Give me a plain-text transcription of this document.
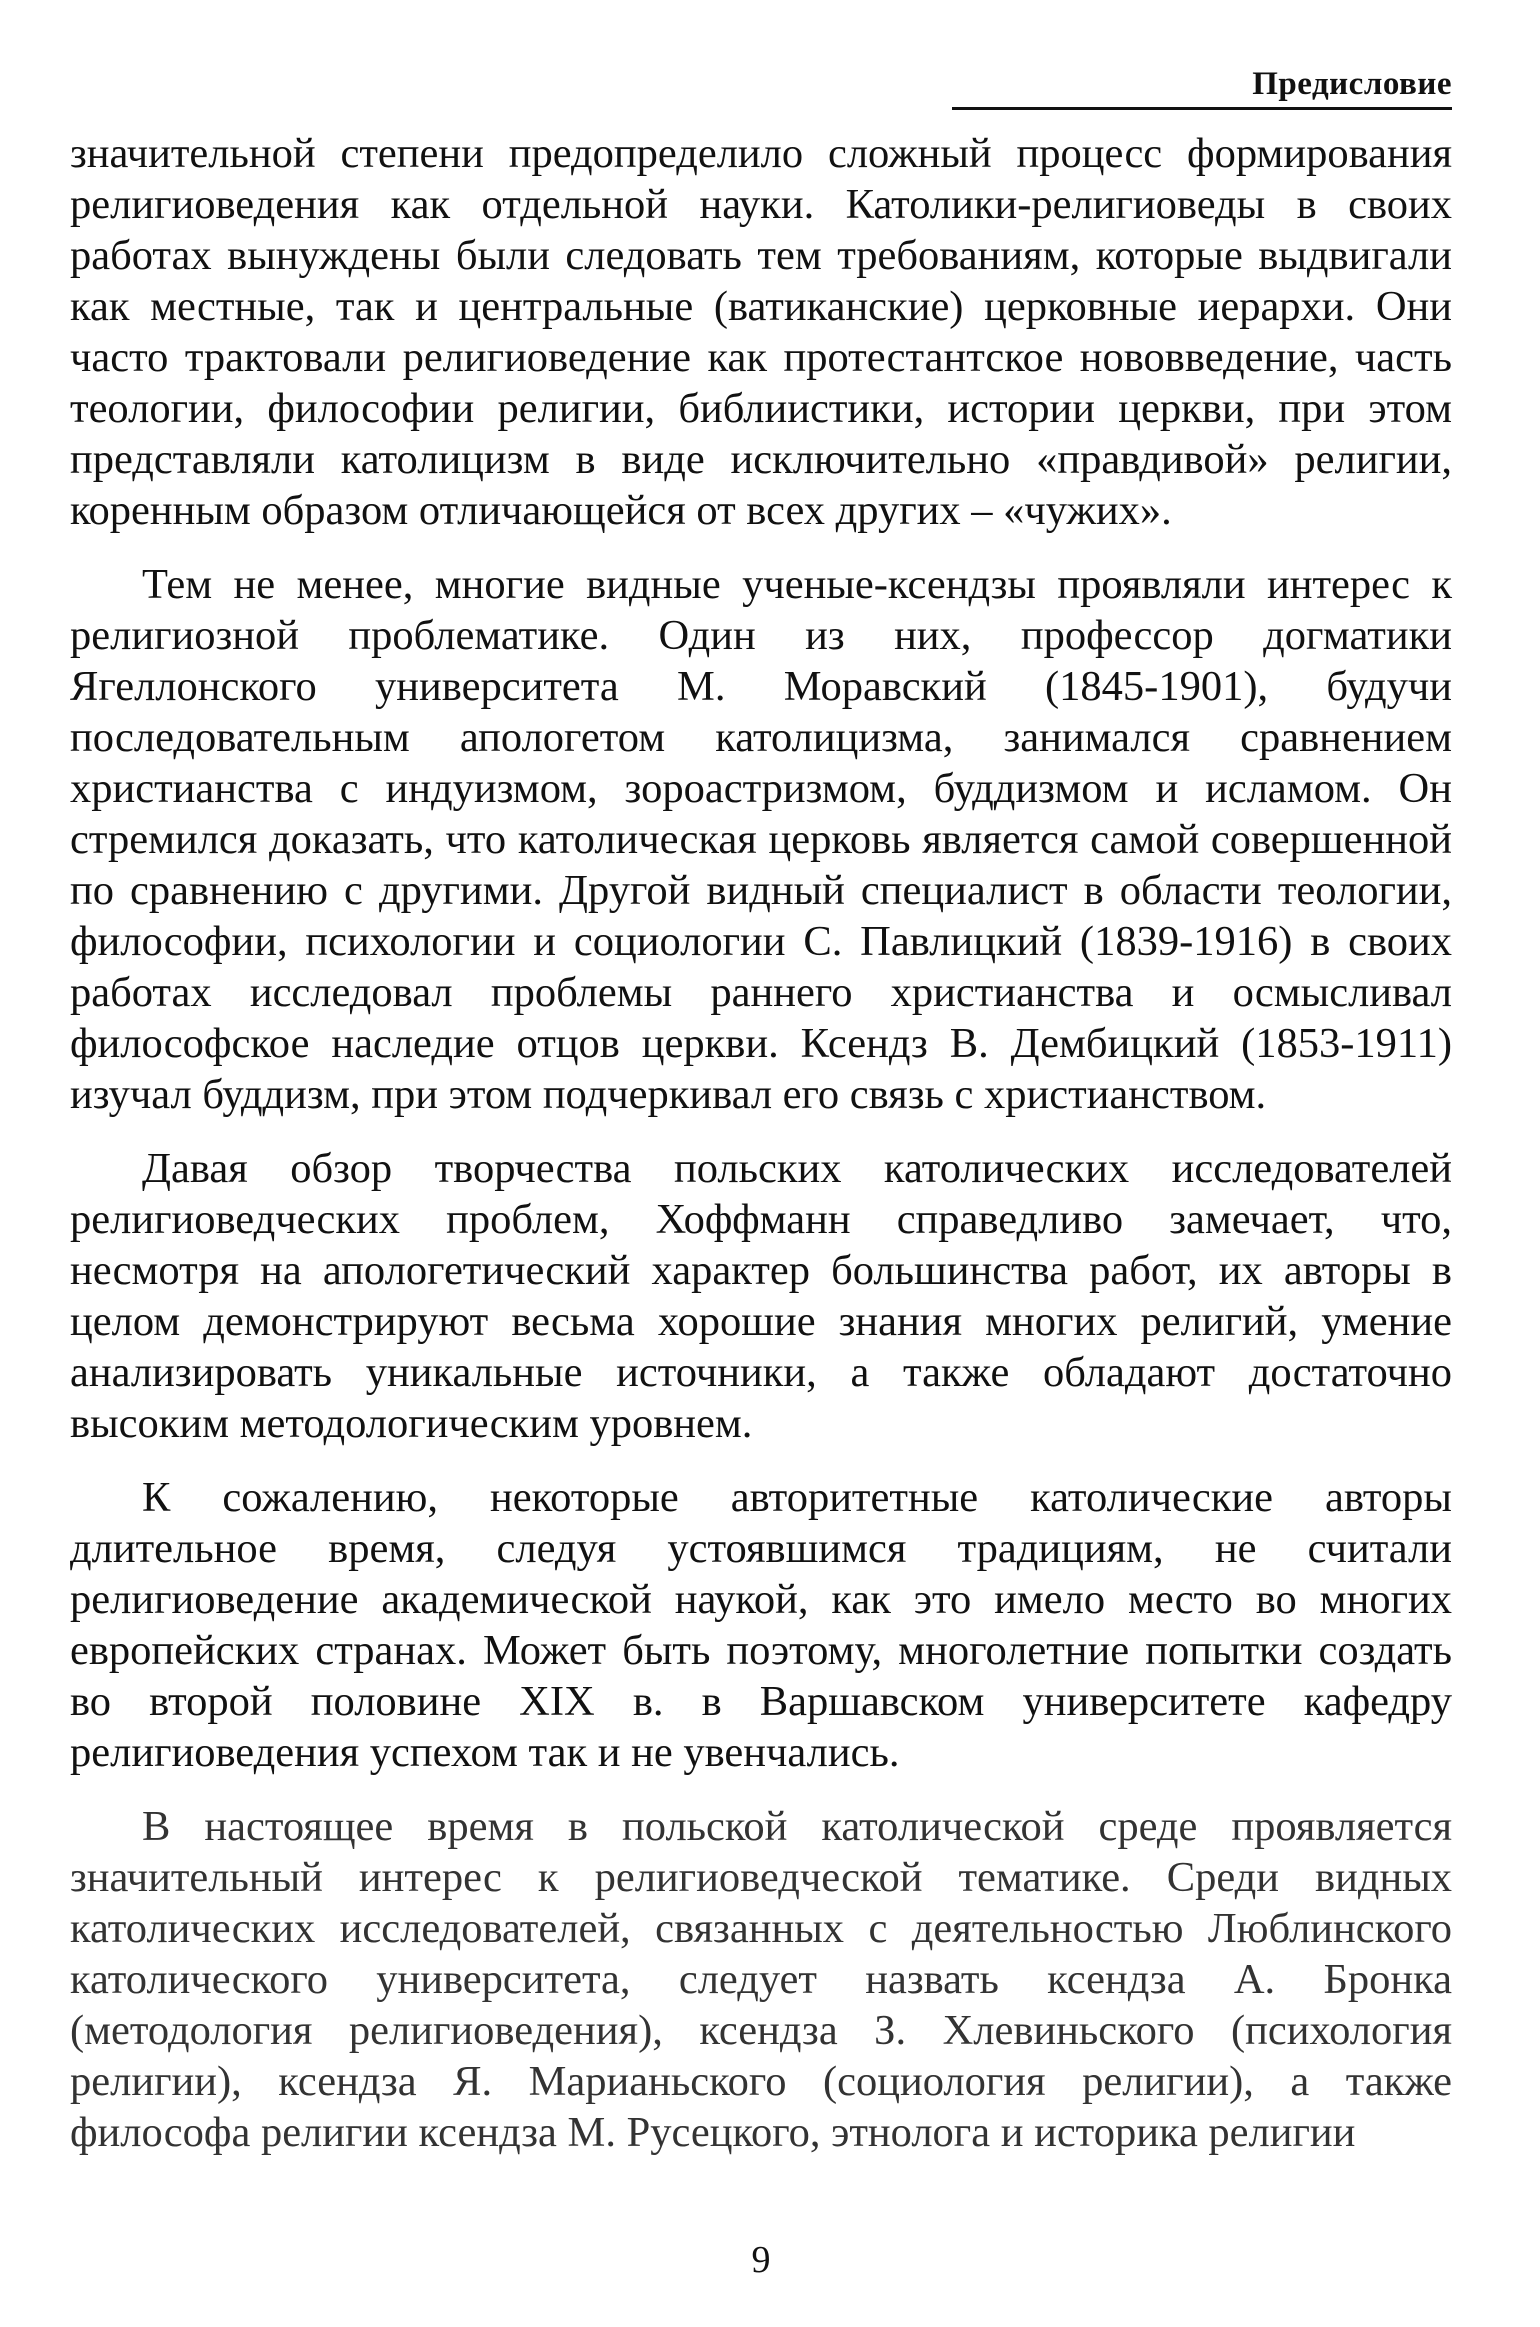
Предисловие

значительной степени предопределило сложный процесс формирования религиоведения как отдельной науки. Католики-религиоведы в своих работах вынуждены были следовать тем требованиям, которые выдвигали как местные, так и центральные (ватиканские) церковные иерархи. Они часто трактовали религиоведение как протестантское нововведение, часть теологии, философии религии, библиистики, истории церкви, при этом представляли католицизм в виде исключительно «правдивой» религии, коренным образом отличающейся от всех других – «чужих».

Тем не менее, многие видные ученые-ксендзы проявляли интерес к религиозной проблематике. Один из них, профессор догматики Ягеллонского университета М. Моравский (1845-1901), будучи последовательным апологетом католицизма, занимался сравнением христианства с индуизмом, зороастризмом, буддизмом и исламом. Он стремился доказать, что католическая церковь является самой совершенной по сравнению с другими. Другой видный специалист в области теологии, философии, психологии и социологии С. Павлицкий (1839-1916) в своих работах исследовал проблемы раннего христианства и осмысливал философское наследие отцов церкви. Ксендз В. Дембицкий (1853-1911) изучал буддизм, при этом подчеркивал его связь с христианством.

Давая обзор творчества польских католических исследователей религиоведческих проблем, Хоффманн справедливо замечает, что, несмотря на апологетический характер большинства работ, их авторы в целом демонстрируют весьма хорошие знания многих религий, умение анализировать уникальные источники, а также обладают достаточно высоким методологическим уровнем.

К сожалению, некоторые авторитетные католические авторы длительное время, следуя устоявшимся традициям, не считали религиоведение академической наукой, как это имело место во многих европейских странах. Может быть поэтому, многолетние попытки создать во второй половине XIX в. в Варшавском университете кафедру религиоведения успехом так и не увенчались.

В настоящее время в польской католической среде проявляется значительный интерес к религиоведческой тематике. Среди видных католических исследователей, связанных с деятельностью Люблинского католического университета, следует назвать ксендза А. Бронка (методология религиоведения), ксендза З. Хлевиньского (психология религии), ксендза Я. Марианьского (социология религии), а также философа религии ксендза М. Русецкого, этнолога и историка религии

9
